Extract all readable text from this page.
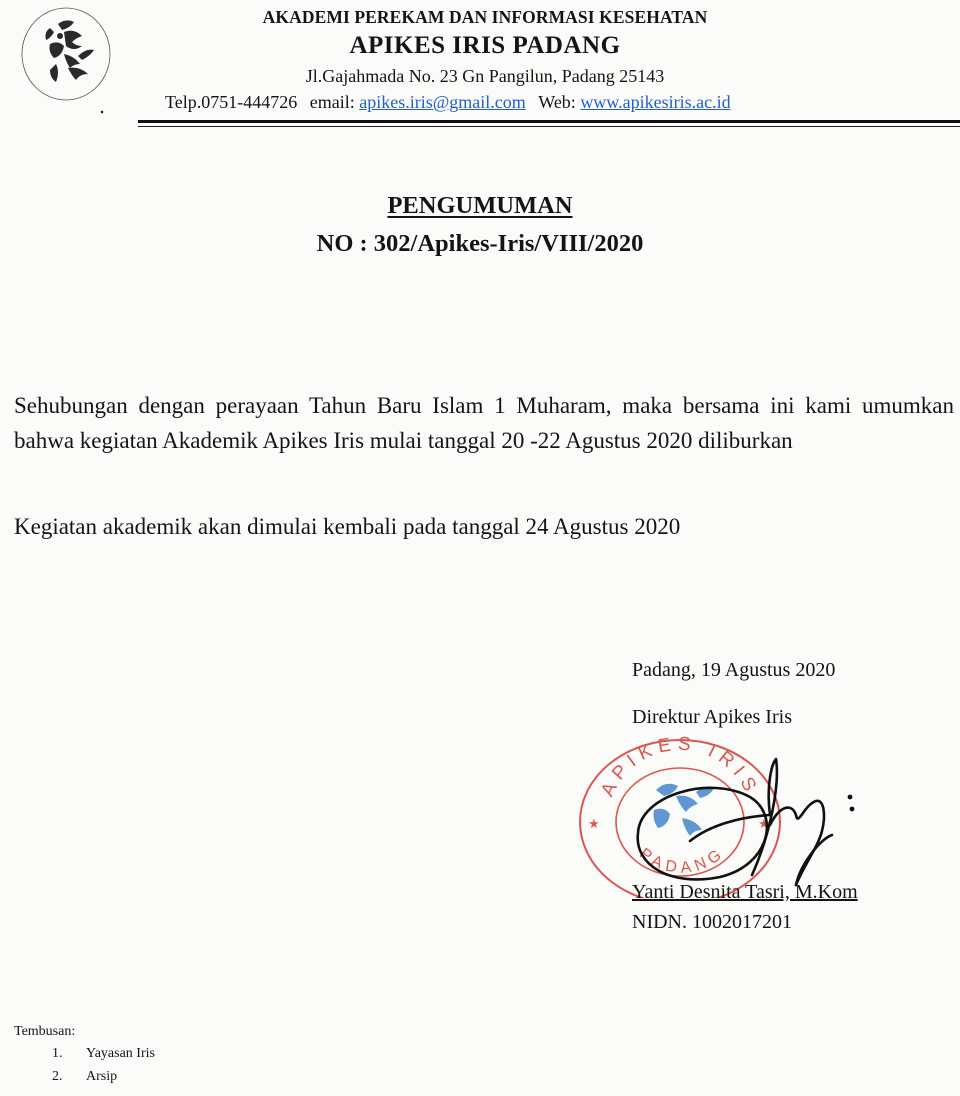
AKADEMI PEREKAM DAN INFORMASI KESEHATAN
APIKES IRIS PADANG
Jl.Gajahmada No. 23 Gn Pangilun, Padang 25143
Telp.0751-444726 email: apikes.iris@gmail.com Web: www.apikesiris.ac.id
PENGUMUMAN
NO : 302/Apikes-Iris/VIII/2020
Sehubungan dengan perayaan Tahun Baru Islam 1 Muharam, maka bersama ini kami umumkan bahwa kegiatan Akademik Apikes Iris mulai tanggal 20 -22 Agustus 2020 diliburkan
Kegiatan akademik akan dimulai kembali pada tanggal 24 Agustus 2020
Padang, 19 Agustus 2020
Direktur Apikes Iris
APIKES IRIS
PADANG
★	★
Yanti Desnita Tasri, M.Kom
NIDN. 1002017201
Tembusan:
1. Yayasan Iris
2. Arsip
